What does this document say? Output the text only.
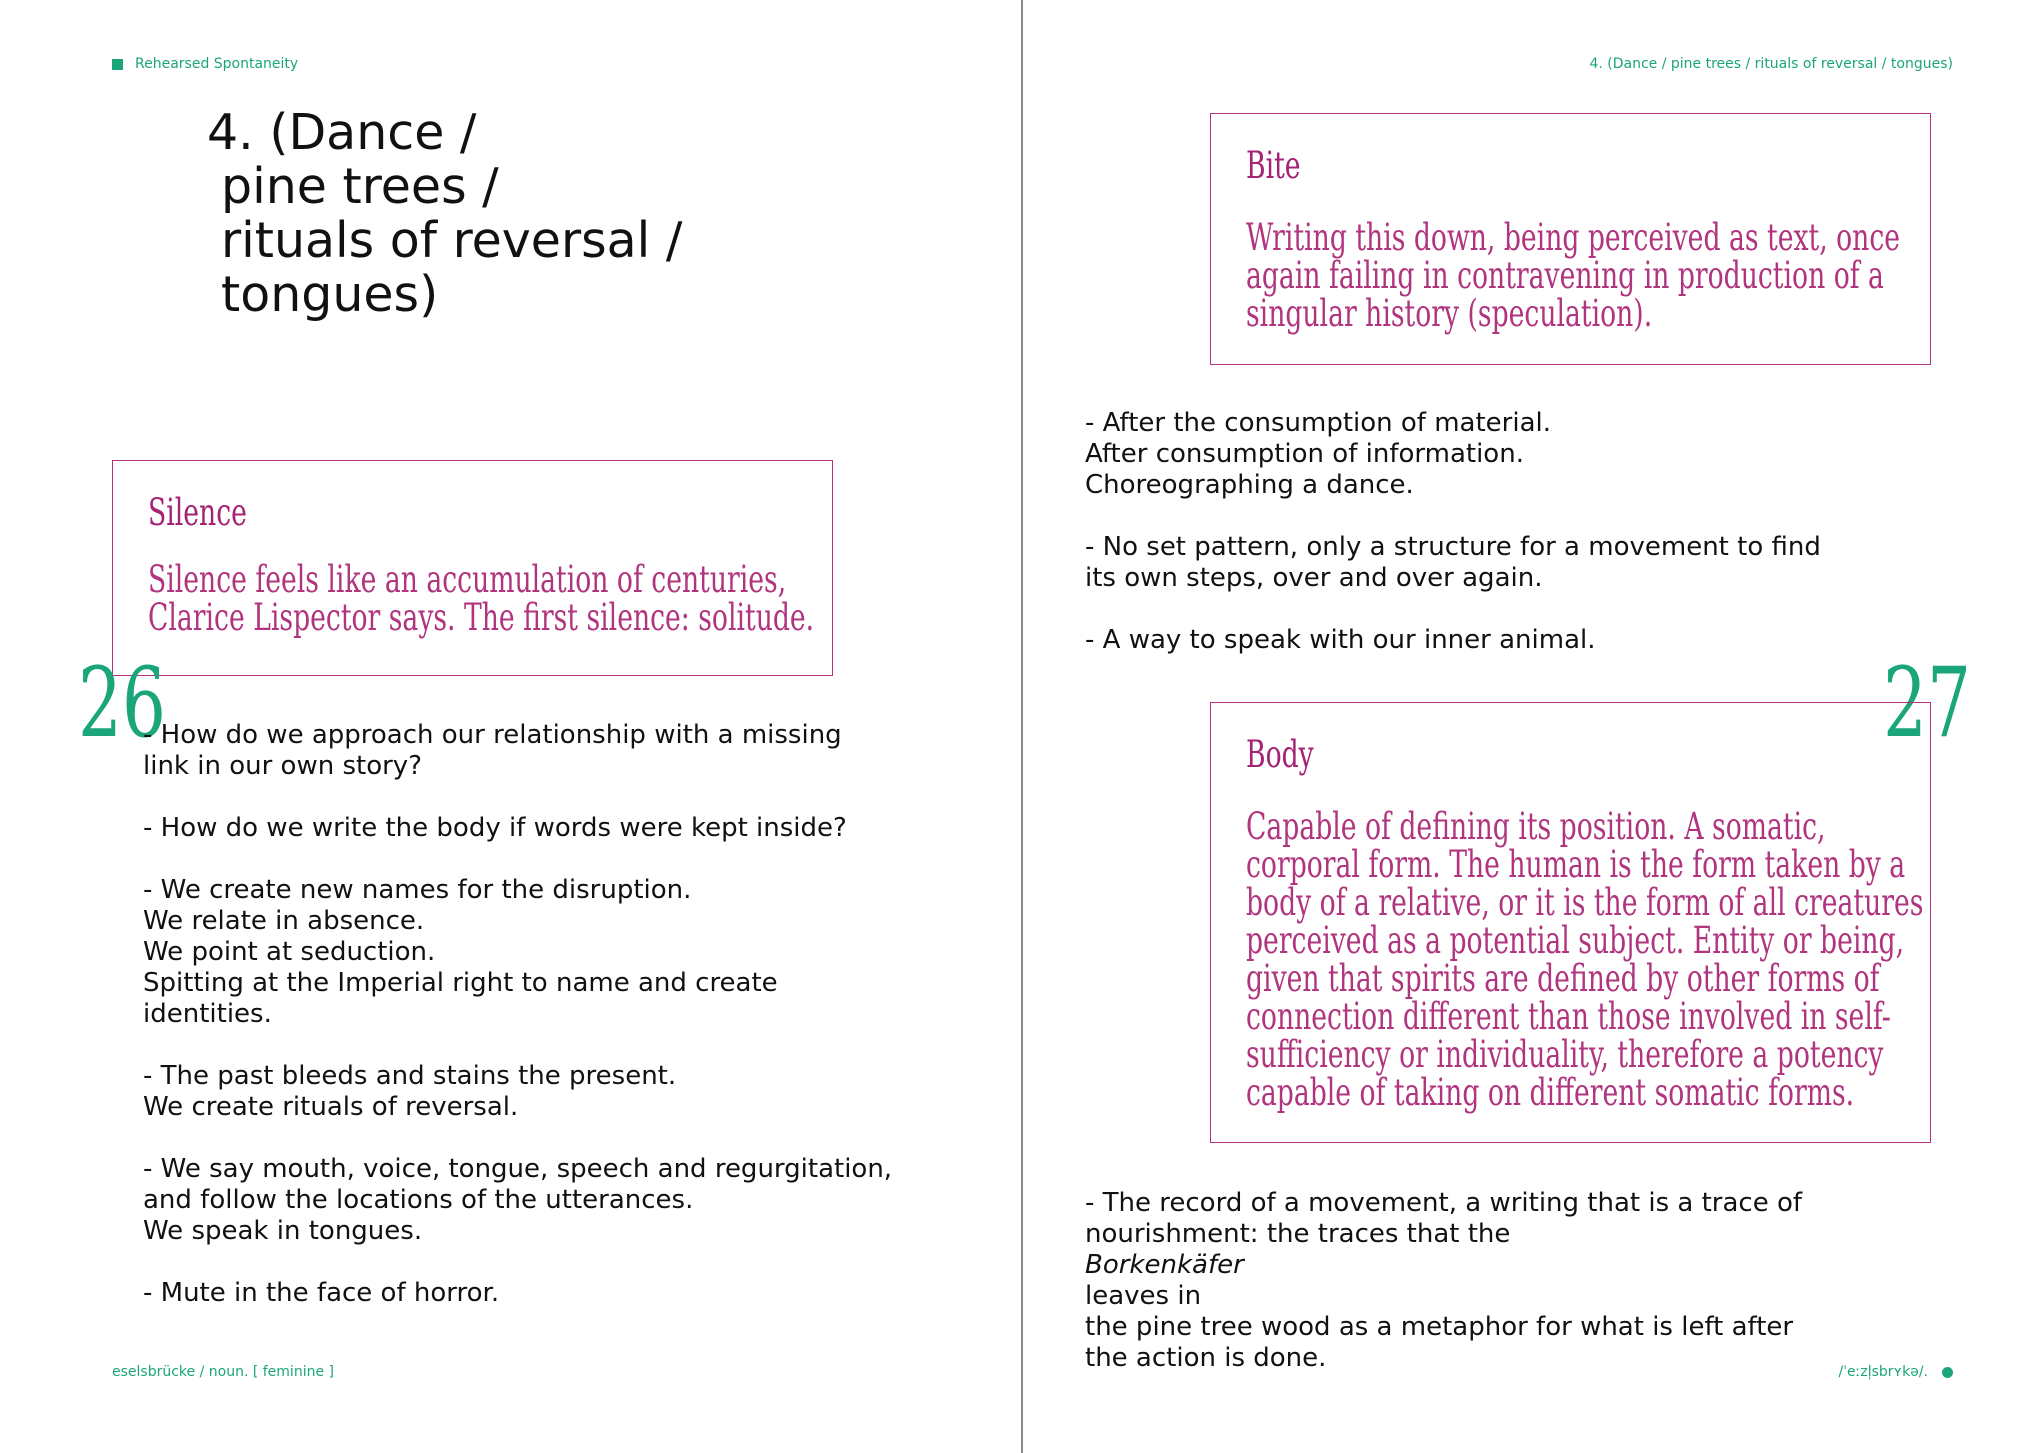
Rehearsed Spontaneity
4. (Dance /
pine trees /
rituals of reversal /
tongues)
Silence
Silence feels like an accumulation of centuries,
Clarice Lispector says. The first silence: solitude.
26

- How do we approach our relationship with a missing
link in our own story?

- How do we write the body if words were kept inside?

- We create new names for the disruption.
We relate in absence.
We point at seduction.
Spitting at the Imperial right to name and create
identities.

- The past bleeds and stains the present.
We create rituals of reversal.

- We say mouth, voice, tongue, speech and regurgitation,
and follow the locations of the utterances.
We speak in tongues.

- Mute in the face of horror.

eselsbrücke / noun. [ feminine ]
4. (Dance / pine trees / rituals of reversal / tongues)
Bite
Writing this down, being perceived as text, once
again failing in contravening in production of a
singular history (speculation).

- After the consumption of material.
After consumption of information.
Choreographing a dance.

- No set pattern, only a structure for a movement to find
its own steps, over and over again.

- A way to speak with our inner animal.

27
Body
Capable of defining its position. A somatic,
corporal form. The human is the form taken by a
body of a relative, or it is the form of all creatures
perceived as a potential subject. Entity or being,
given that spirits are defined by other forms of
connection different than those involved in self-
sufficiency or individuality, therefore a potency
capable of taking on different somatic forms.

- The record of a movement, a writing that is a trace of
nourishment: the traces that the
Borkenkäfer
leaves in
the pine tree wood as a metaphor for what is left after
the action is done.	/ˈeːzl̩sbrʏkə/.
